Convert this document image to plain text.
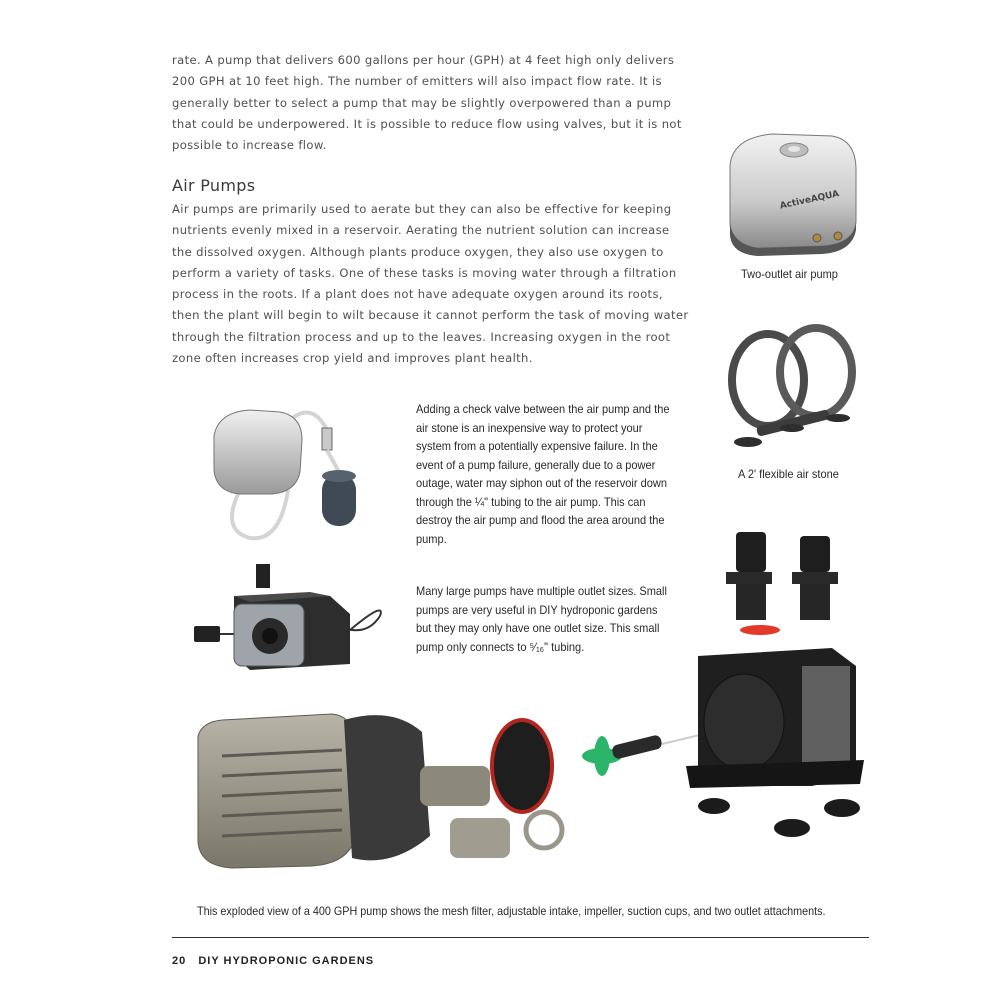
rate. A pump that delivers 600 gallons per hour (GPH) at 4 feet high only delivers 200 GPH at 10 feet high. The number of emitters will also impact flow rate. It is generally better to select a pump that may be slightly overpowered than a pump that could be underpowered. It is possible to reduce flow using valves, but it is not possible to increase flow.

Air Pumps

Air pumps are primarily used to aerate but they can also be effective for keeping nutrients evenly mixed in a reservoir. Aerating the nutrient solution can increase the dissolved oxygen. Although plants produce oxygen, they also use oxygen to perform a variety of tasks. One of these tasks is moving water through a filtration process in the roots. If a plant does not have adequate oxygen around its roots, then the plant will begin to wilt because it cannot perform the task of moving water through the filtration process and up to the leaves. Increasing oxygen in the root zone often increases crop yield and improves plant health.

ActiveAQUA

Two-outlet air pump

A 2' flexible air stone

Adding a check valve between the air pump and the air stone is an inexpensive way to protect your system from a potentially expensive failure. In the event of a pump failure, generally due to a power outage, water may siphon out of the reservoir down through the ¼" tubing to the air pump. This can destroy the air pump and flood the area around the pump.

Many large pumps have multiple outlet sizes. Small pumps are very useful in DIY hydroponic gardens but they may only have one outlet size. This small pump only connects to ⁵⁄₁₆" tubing.

This exploded view of a 400 GPH pump shows the mesh filter, adjustable intake, impeller, suction cups, and two outlet attachments.

20 DIY HYDROPONIC GARDENS
